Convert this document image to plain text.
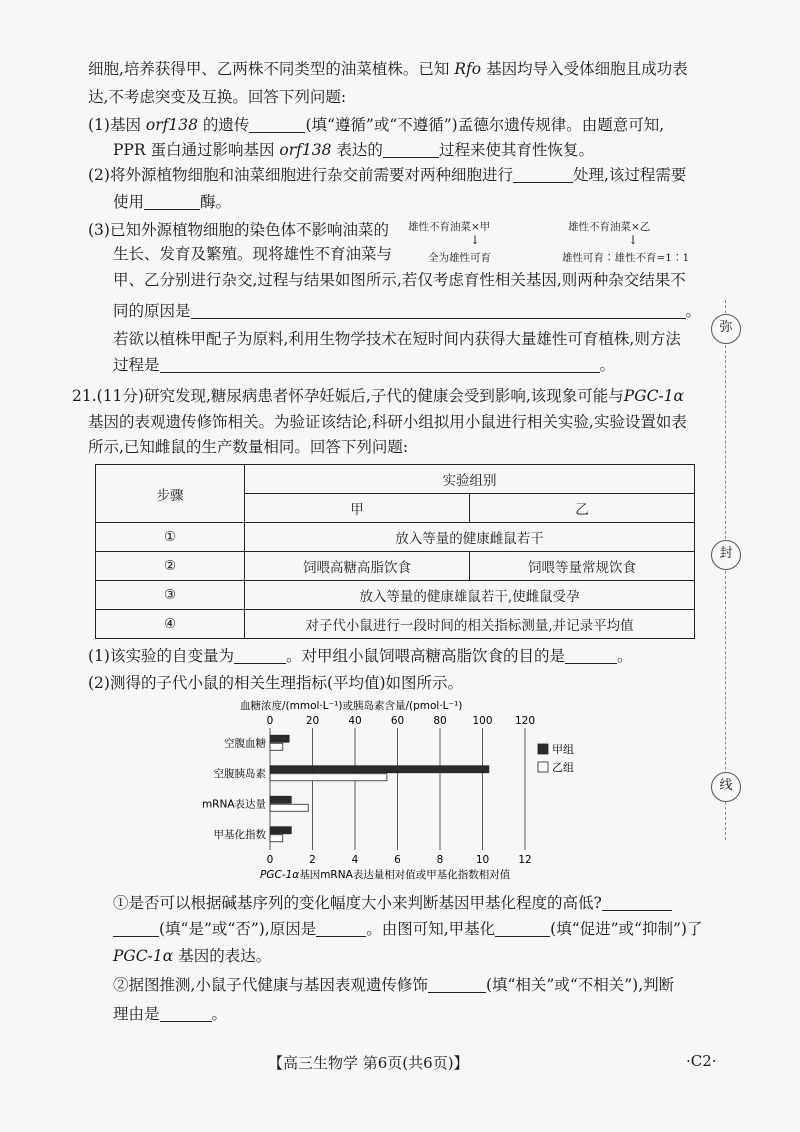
细胞,培养获得甲、乙两株不同类型的油菜植株。已知 Rfo 基因均导入受体细胞且成功表
达,不考虑突变及互换。回答下列问题:
(1)基因 orf138 的遗传	(填“遵循”或“不遵循”)孟德尔遗传规律。由题意可知,
PPR 蛋白通过影响基因 orf138 表达的	过程来使其育性恢复。
(2)将外源植物细胞和油菜细胞进行杂交前需要对两种细胞进行	处理,该过程需要
使用	酶。
(3)已知外源植物细胞的染色体不影响油菜的
生长、发育及繁殖。现将雄性不育油菜与
甲、乙分别进行杂交,过程与结果如图所示,若仅考虑育性相关基因,则两种杂交结果不
同的原因是	。
若欲以植株甲配子为原料,利用生物学技术在短时间内获得大量雄性可育植株,则方法
过程是	。
雄性不育油菜×甲
↓
全为雄性可育
雄性不育油菜×乙
↓
雄性可育∶雄性不育=1∶1
21.(11分)研究发现,糖尿病患者怀孕妊娠后,子代的健康会受到影响,该现象可能与PGC-1α
基因的表观遗传修饰相关。为验证该结论,科研小组拟用小鼠进行相关实验,实验设置如表
所示,已知雌鼠的生产数量相同。回答下列问题:
步骤	实验组别	
	甲	乙
①	放入等量的健康雌鼠若干	
②	饲喂高糖高脂饮食	饲喂等量常规饮食
③	放入等量的健康雄鼠若干,使雌鼠受孕	
④	对子代小鼠进行一段时间的相关指标测量,并记录平均值	
(1)该实验的自变量为	。对甲组小鼠饲喂高糖高脂饮食的目的是	。
(2)测得的子代小鼠的相关生理指标(平均值)如图所示。
血糖浓度/(mmol·L⁻¹)或胰岛素含量/(pmol·L⁻¹)
0	20	40	60	80 100 120
0	2	4	6	8	10	12
PGC-1α基因mRNA表达量相对值或甲基化指数相对值
空腹血糖
空腹胰岛素
mRNA表达量
甲基化指数
甲组
乙组
①是否可以根据碱基序列的变化幅度大小来判断基因甲基化程度的高低?
(填“是”或“否”),原因是	。由图可知,甲基化	(填“促进”或“抑制”)了
PGC-1α 基因的表达。
②据图推测,小鼠子代健康与基因表观遗传修饰	(填“相关”或“不相关”),判断
理由是	。
弥
封
线
【高三生物学 第6页(共6页)】	·C2·
